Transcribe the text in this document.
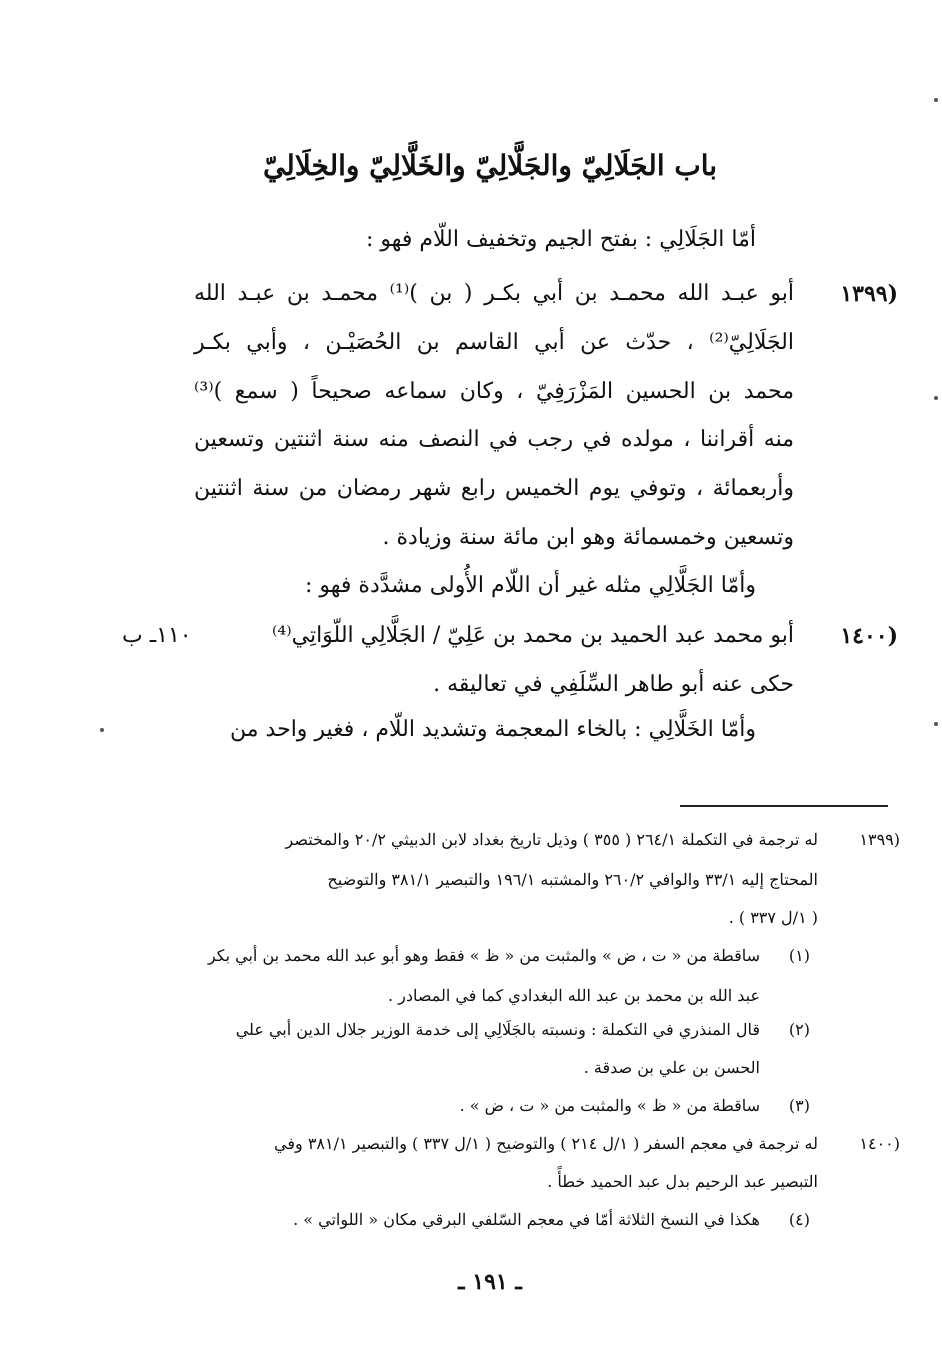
باب الجَلَالِيّ والجَلَّالِيّ والخَلَّالِيّ والخِلَالِيّ
أمّا الجَلَالِي : بفتح الجيم وتخفيف اللّام فهو :
(١٣٩٩
أبو عبـد الله محمـد بن أبي بكـر ( بن )⁽¹⁾ محمـد بن عبـد الله
الجَلَالِيّ⁽²⁾ ، حدّث عن أبي القاسم بن الحُصَيْـن ، وأبي بكـر
محمد بن الحسين المَزْرَفِيّ ، وكان سماعه صحيحاً ( سمع )⁽³⁾
منه أقراننا ، مولده في رجب في النصف منه سنة اثنتين وتسعين
وأربعمائة ، وتوفي يوم الخميس رابع شهر رمضان من سنة اثنتين
وتسعين وخمسمائة وهو ابن مائة سنة وزيادة .
وأمّا الجَلَّالِي مثله غير أن اللّام الأُولى مشدَّدة فهو :
(١٤٠٠
١١٠ـ ب	أبو محمد عبد الحميد بن محمد بن عَلِيّ / الجَلَّالِي اللّوَاتِي⁽⁴⁾
حكى عنه أبو طاهر السِّلَفِي في تعاليقه .
وأمّا الخَلَّالِي : بالخاء المعجمة وتشديد اللّام ، فغير واحد من
(١٣٩٩
له ترجمة في التكملة ٢٦٤/١ ( ٣٥٥ ) وذيل تاريخ بغداد لابن الدبيثي ٢٠/٢ والمختصر
المحتاج إليه ٣٣/١ والوافي ٢٦٠/٢ والمشتبه ١٩٦/١ والتبصير ٣٨١/١ والتوضيح
( ١/ل ٣٣٧ ) .
(١)
ساقطة من « ت ، ض » والمثبت من « ظ » فقط وهو أبو عبد الله محمد بن أبي بكر
عبد الله بن محمد بن عبد الله البغدادي كما في المصادر .
(٢)
قال المنذري في التكملة : ونسبته بالجَلَالِي إلى خدمة الوزير جلال الدين أبي علي
الحسن بن علي بن صدقة .
(٣)
ساقطة من « ظ » والمثبت من « ت ، ض » .
(١٤٠٠
له ترجمة في معجم السفر ( ١/ل ٢١٤ ) والتوضيح ( ١/ل ٣٣٧ ) والتبصير ٣٨١/١ وفي
التبصير عبد الرحيم بدل عبد الحميد خطأً .
(٤)
هكذا في النسخ الثلاثة أمّا في معجم السّلفي البرقي مكان « اللواتي » .
ـ ١٩١ ـ
